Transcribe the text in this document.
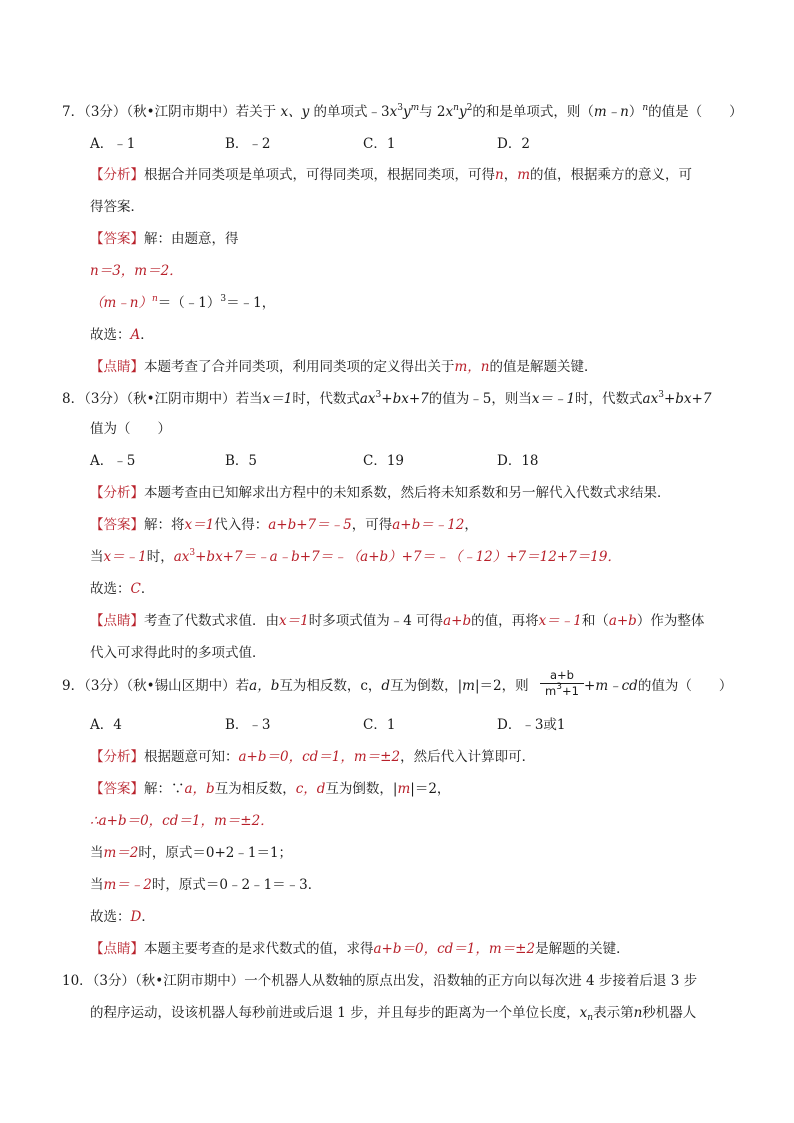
7．（3分）（秋•江阴市期中）若关于 x、y 的单项式$﹣3x^3y^m$与 $2x^ny^2$的和是单项式，则（m﹣n）$^n$的值是（　　）
A．﹣1	B．﹣2	C．1	D．2
【分析】根据合并同类项是单项式，可得同类项，根据同类项，可得n，m的值，根据乘方的意义，可
得答案．
【答案】解：由题意，得
n＝3，m＝2．
（m﹣n）$^n$＝（﹣1）$^3$＝﹣1，
故选：A．
【点睛】本题考查了合并同类项，利用同类项的定义得出关于m，n的值是解题关键．
8．（3分）（秋•江阴市期中）若当x＝1时，代数式$ax^3+bx+7$的值为﹣5，则当x＝﹣1时，代数式$ax^3+bx+7$
值为（　　）
A．﹣5	B．5	C．19	D．18
【分析】本题考查由已知解求出方程中的未知系数，然后将未知系数和另一解代入代数式求结果．
【答案】解：将x＝1代入得：a+b+7＝﹣5，可得a+b＝﹣12，
当x＝﹣1时，$ax^3+bx+7=﹣a﹣b+7=﹣(a+b)+7=﹣(﹣12)+7=12+7=19$．
故选：C．
【点睛】考查了代数式求值．由x＝1时多项式值为﹣4 可得a+b的值，再将x＝﹣1和（a+b）作为整体
代入可求得此时的多项式值．
9．（3分）（秋•锡山区期中）若a，b互为相反数，c，d互为倒数，|m|＝2，则 $\frac{a+b}{m^3+1}$ +m﹣cd的值为（　　）
A．4	B．﹣3	C．1	D．﹣3或1
【分析】根据题意可知：a+b＝0，cd＝1，m＝±2，然后代入计算即可．
【答案】解：∵a，b互为相反数，c，d互为倒数，|m|＝2，
∴a+b＝0，cd＝1，m＝±2．
当m＝2时，原式＝0+2﹣1＝1；
当m＝﹣2时，原式＝0﹣2﹣1＝﹣3．
故选：D．
【点睛】本题主要考查的是求代数式的值，求得a+b＝0，cd＝1，m＝±2是解题的关键．
10．（3分）（秋•江阴市期中）一个机器人从数轴的原点出发，沿数轴的正方向以每次进 4 步接着后退 3 步
的程序运动，设该机器人每秒前进或后退 1 步，并且每步的距离为一个单位长度，$x_n$表示第n秒机器人
